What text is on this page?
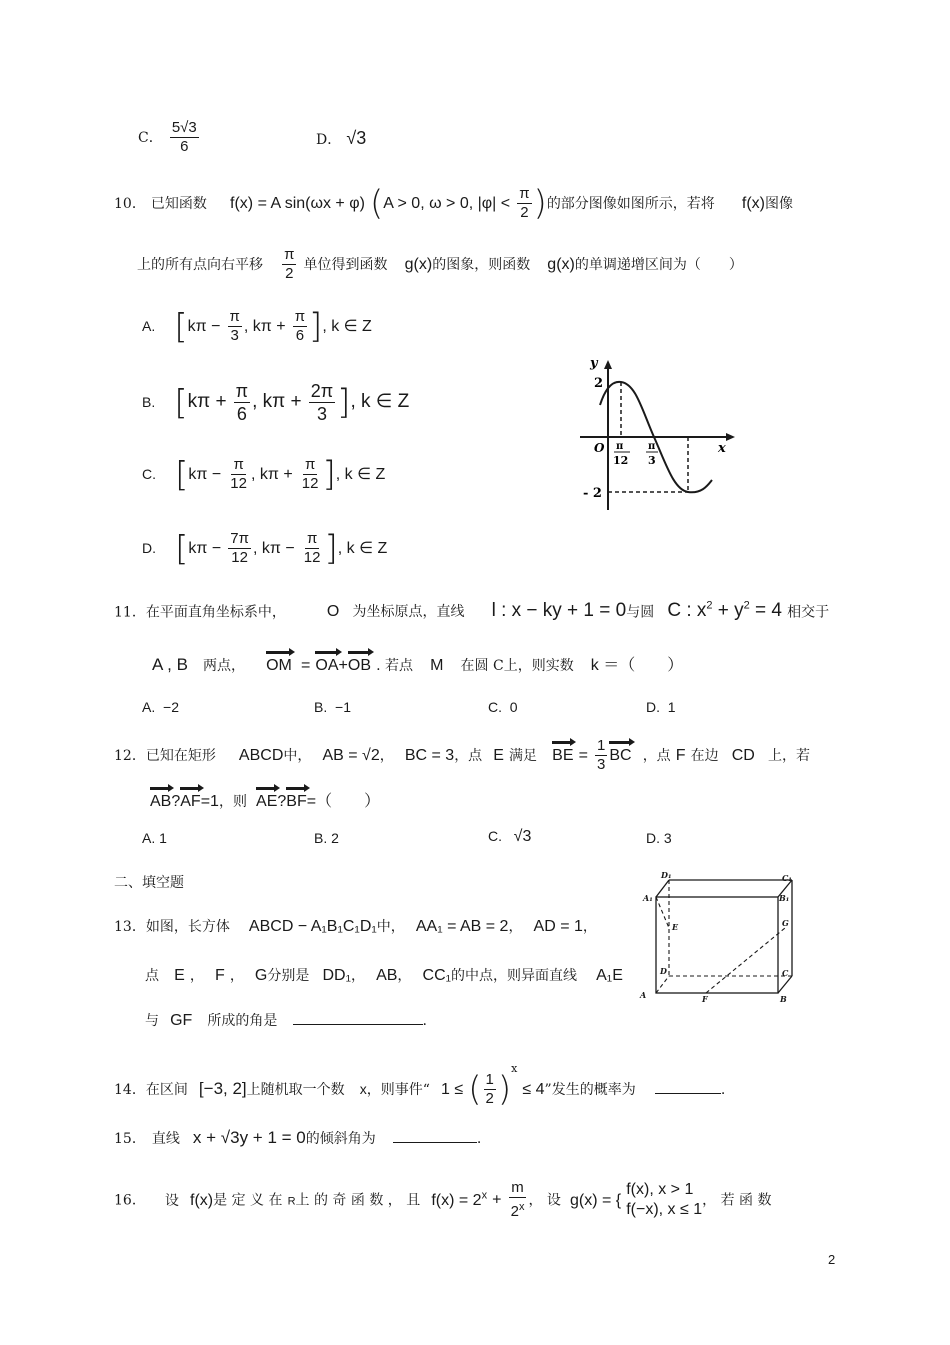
C． $\frac{5√3}{6}$	D． √3
10． 已知函数 f(x) = A sin(ωx + φ) (A > 0, ω > 0, $|\varphi| < \frac{\pi}{2}$ )的部分图像如图所示，若将 f(x)图像
上的所有点向右平移 $\frac{\pi}{2}$ 单位得到函数 g(x)的图象，则函数 g(x)的单调递增区间为（　　）
A. [$k\pi - \frac{\pi}{3}$ , $k\pi + \frac{\pi}{6}$ ], k ∈ Z
B. [$k\pi + \frac{\pi}{6}$ , $k\pi + \frac{2\pi}{3}$ ], k ∈ Z
C. [$k\pi - \frac{\pi}{12}$ , $k\pi + \frac{\pi}{12}$ ], k ∈ Z
D. [$k\pi - \frac{7\pi}{12}$ , $k\pi - \frac{\pi}{12}$ ], k ∈ Z
y
x
2
O
- 2
π
12
π
3
11．在平面直角坐标系中，	O 为坐标原点，直线 l : x − ky + 1 = 0与圆 C : $x^2 + y^2 = 4$ 相交于
A , B 两点， OM = OA+OB . 若点 M 在圆 C上，则实数 k ＝（　　）
A. −2	B. −1	C. 0	D. 1
12．已知在矩形 ABCD中， AB = √2， BC = 3，点 E 满足 BE = $\frac{1}{3}$ BC ，点 F 在边 CD 上，若
AB?AF=1，则 AE?BF=（　　）
A. 1	B. 2	C. √3	D. 3
二、填空题
13．如图，长方体 ABCD − A₁B₁C₁D₁中， AA₁ = AB = 2， AD = 1，
点 E ， F ， G分别是 DD₁， AB， CC₁的中点，则异面直线 A₁E
与 GF 所成的角是	.
A	B
C
D
A₁	B₁
C₁
D₁
E
F
G
14．在区间 [−3, 2]上随机取一个数 x，则事件“ 1 ≤ ( $\frac{1}{2} )^x \le 4$”发生的概率为	.
15． 直线 x + √3y + 1 = 0的倾斜角为	.
16． 设 f(x)是 定 义 在 R上 的 奇 函 数 ， 且 $f(x) = 2^x + \frac{m}{2^x}$ ， 设 g(x) = {
f(x), x > 1
f(−x), x ≤ 1
， 若 函 数
2
